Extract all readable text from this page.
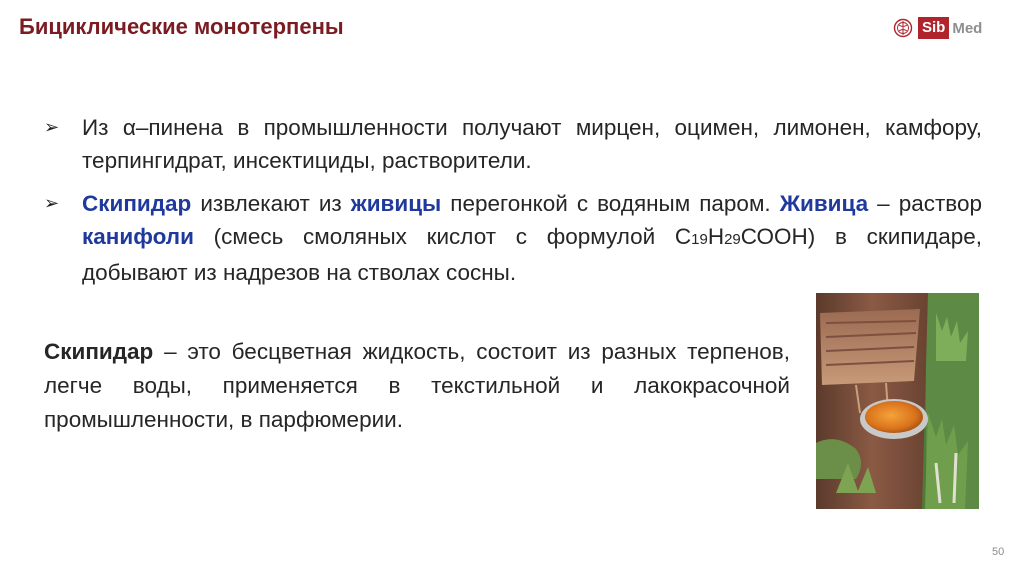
Бициклические монотерпены	Sib Med
➢ Из α–пинена в промышленности получают мирцен, оцимен, лимонен, камфору, терпингидрат, инсектициды, растворители.
➢ Скипидар извлекают из живицы перегонкой с водяным паром. Живица – раствор канифоли (смесь смоляных кислот с формулой С19Н29СООН) в скипидаре, добывают из надрезов на стволах сосны.
Скипидар – это бесцветная жидкость, состоит из разных терпенов, легче воды, применяется в текстильной и лакокрасочной промышленности, в парфюмерии.
50
